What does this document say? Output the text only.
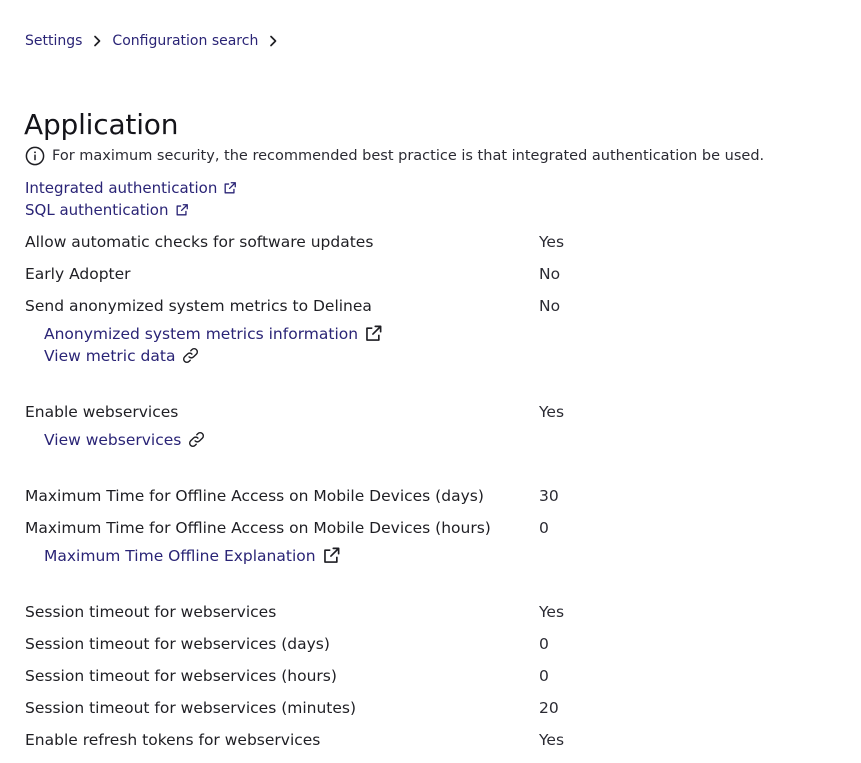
Settings Configuration search
Application
For maximum security, the recommended best practice is that integrated authentication be used.
Integrated authentication
SQL authentication
Allow automatic checks for software updates	Yes
Early Adopter	No
Send anonymized system metrics to Delinea	No
Anonymized system metrics information
View metric data
Enable webservices	Yes
View webservices
Maximum Time for Offline Access on Mobile Devices (days)	30
Maximum Time for Offline Access on Mobile Devices (hours)	0
Maximum Time Offline Explanation
Session timeout for webservices	Yes
Session timeout for webservices (days)	0
Session timeout for webservices (hours)	0
Session timeout for webservices (minutes)	20
Enable refresh tokens for webservices	Yes
